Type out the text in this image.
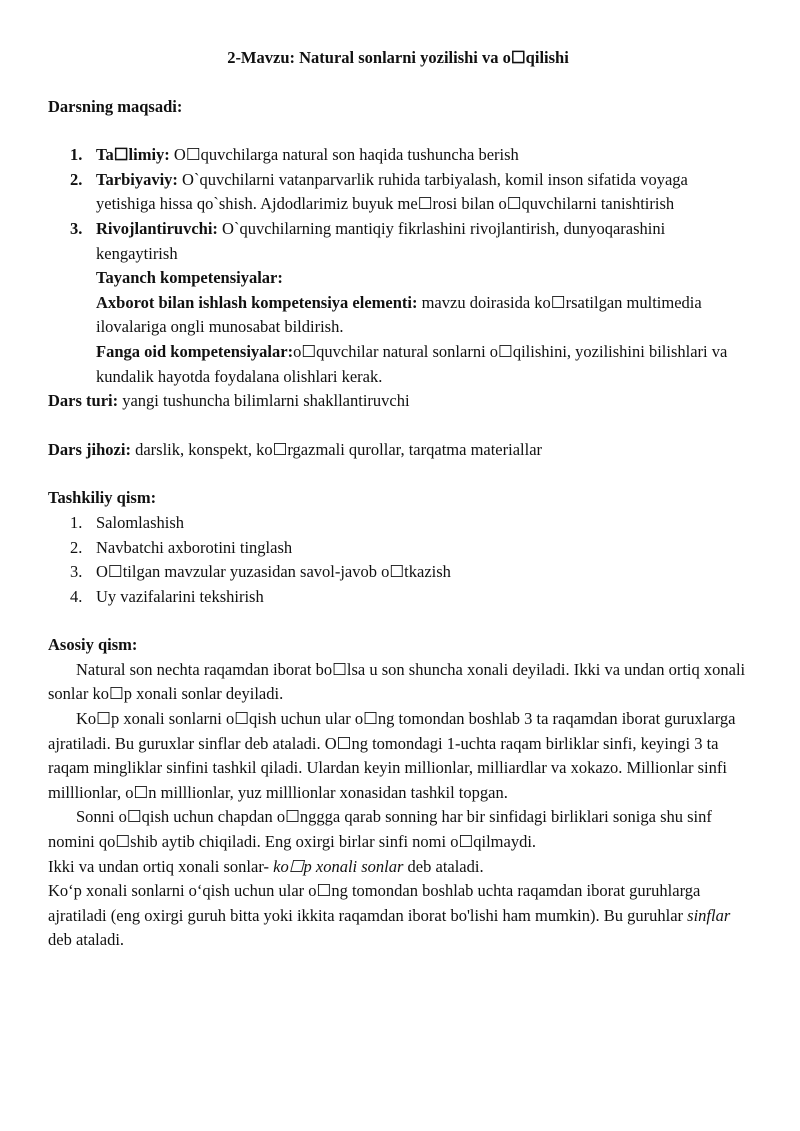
2-Mavzu: Natural sonlarni yozilishi va o☐qilishi
Darsning maqsadi:
1. Ta☐limiy: O☐quvchilarga natural son haqida tushuncha berish
2. Tarbiyaviy: O`quvchilarni vatanparvarlik ruhida tarbiyalash, komil inson sifatida voyaga yetishiga hissa qo`shish. Ajdodlarimiz buyuk me☐rosi bilan o☐quvchilarni tanishtirish
3. Rivojlantiruvchi: O`quvchilarning mantiqiy fikrlashini rivojlantirish, dunyoqarashini kengaytirish
Tayanch kompetensiyalar:
Axborot bilan ishlash kompetensiya elementi: mavzu doirasida ko☐rsatilgan multimedia ilovalariga ongli munosabat bildirish.
Fanga oid kompetensiyalar:o☐quvchilar natural sonlarni o☐qilishini, yozilishini bilishlari va kundalik hayotda foydalana olishlari kerak.
Dars turi: yangi tushuncha bilimlarni shakllantiruvchi
Dars jihozi: darslik, konspekt, ko☐rgazmali qurollar, tarqatma materiallar
Tashkiliy qism:
1. Salomlashish
2. Navbatchi axborotini tinglash
3. O☐tilgan mavzular yuzasidan savol-javob o☐tkazish
4. Uy vazifalarini tekshirish
Asosiy qism:

Natural son nechta raqamdan iborat bo☐lsa u son shuncha xonali deyiladi. Ikki va undan ortiq xonali sonlar ko☐p xonali sonlar deyiladi.

Ko☐p xonali sonlarni o☐qish uchun ular o☐ng tomondan boshlab 3 ta raqamdan iborat guruxlarga ajratiladi. Bu guruxlar sinflar deb ataladi. O☐ng tomondagi 1-uchta raqam birliklar sinfi, keyingi 3 ta raqam mingliklar sinfini tashkil qiladi. Ulardan keyin millionlar, milliardlar va xokazo. Millionlar sinfi milllionlar, o☐n milllionlar, yuz milllionlar xonasidan tashkil topgan.

Sonni o☐qish uchun chapdan o☐nggga qarab sonning har bir sinfidagi birliklari soniga shu sinf nomini qo☐shib aytib chiqiladi. Eng oxirgi birlar sinfi nomi o☐qilmaydi.

Ikki va undan ortiq xonali sonlar- ko☐p xonali sonlar deb ataladi.

Koʻp xonali sonlarni oʻqish uchun ular o☐ng tomondan boshlab uchta raqamdan iborat guruhlarga ajratiladi (eng oxirgi guruh bitta yoki ikkita raqamdan iborat bo'lishi ham mumkin). Bu guruhlar sinflar deb ataladi.
